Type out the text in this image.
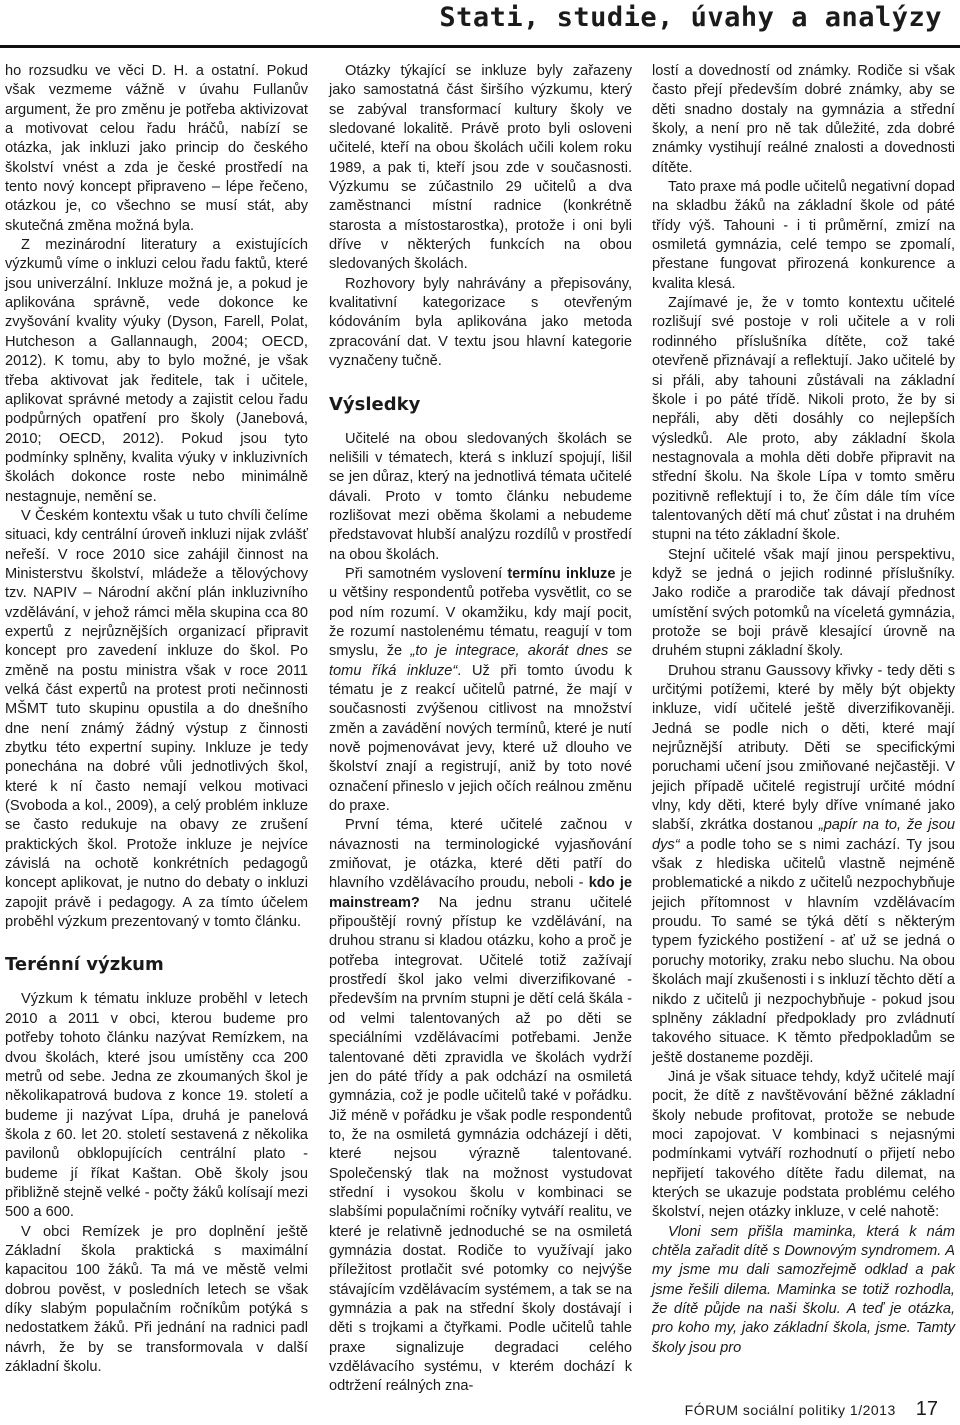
Stati, studie, úvahy a analýzy

ho rozsudku ve věci D. H. a ostatní. Pokud však vezmeme vážně v úvahu Fullanův argument, že pro změnu je potřeba aktivizovat a motivovat celou řadu hráčů, nabízí se otázka, jak inkluzi jako princip do českého školství vnést a zda je české prostředí na tento nový koncept připraveno – lépe řečeno, otázkou je, co všechno se musí stát, aby skutečná změna možná byla.

Z mezinárodní literatury a existujících výzkumů víme o inkluzi celou řadu faktů, které jsou univerzální. Inkluze možná je, a pokud je aplikována správně, vede dokonce ke zvyšování kvality výuky (Dyson, Farell, Polat, Hutcheson a Gallannaugh, 2004; OECD, 2012). K tomu, aby to bylo možné, je však třeba aktivovat jak ředitele, tak i učitele, aplikovat správné metody a zajistit celou řadu podpůrných opatření pro školy (Janebová, 2010; OECD, 2012). Pokud jsou tyto podmínky splněny, kvalita výuky v inkluzivních školách dokonce roste nebo minimálně nestagnuje, nemění se.

V Českém kontextu však u tuto chvíli čelíme situaci, kdy centrální úroveň inkluzi nijak zvlášť neřeší. V roce 2010 sice zahájil činnost na Ministerstvu školství, mládeže a tělovýchovy tzv. NAPIV – Národní akční plán inkluzivního vzdělávání, v jehož rámci měla skupina cca 80 expertů z nejrůznějších organizací připravit koncept pro zavedení inkluze do škol. Po změně na postu ministra však v roce 2011 velká část expertů na protest proti nečinnosti MŠMT tuto skupinu opustila a do dnešního dne není známý žádný výstup z činnosti zbytku této expertní supiny. Inkluze je tedy ponechána na dobré vůli jednotlivých škol, které k ní často nemají velkou motivaci (Svoboda a kol., 2009), a celý problém inkluze se často redukuje na obavy ze zrušení praktických škol. Protože inkluze je nejvíce závislá na ochotě konkrétních pedagogů koncept aplikovat, je nutno do debaty o inkluzi zapojit právě i pedagogy. A za tímto účelem proběhl výzkum prezentovaný v tomto článku.

Terénní výzkum

Výzkum k tématu inkluze proběhl v letech 2010 a 2011 v obci, kterou budeme pro potřeby tohoto článku nazývat Remízkem, na dvou školách, které jsou umístěny cca 200 metrů od sebe. Jedna ze zkoumaných škol je několikapatrová budova z konce 19. století a budeme ji nazývat Lípa, druhá je panelová škola z 60. let 20. století sestavená z několika pavilonů obklopujících centrální plato - budeme jí říkat Kaštan. Obě školy jsou přibližně stejně velké - počty žáků kolísají mezi 500 a 600.

V obci Remízek je pro doplnění ještě Základní škola praktická s maximální kapacitou 100 žáků. Ta má ve městě velmi dobrou pověst, v posledních letech se však díky slabým populačním ročníkům potýká s nedostatkem žáků. Při jednání na radnici padl návrh, že by se transformovala v další základní školu.

Otázky týkající se inkluze byly zařazeny jako samostatná část širšího výzkumu, který se zabýval transformací kultury školy ve sledované lokalitě. Právě proto byli osloveni učitelé, kteří na obou školách učili kolem roku 1989, a pak ti, kteří jsou zde v současnosti. Výzkumu se zúčastnilo 29 učitelů a dva zaměstnanci místní radnice (konkrétně starosta a místostarostka), protože i oni byli dříve v některých funkcích na obou sledovaných školách.

Rozhovory byly nahrávány a přepisovány, kvalitativní kategorizace s otevřeným kódováním byla aplikována jako metoda zpracování dat. V textu jsou hlavní kategorie vyznačeny tučně.

Výsledky

Učitelé na obou sledovaných školách se nelišili v tématech, která s inkluzí spojují, lišil se jen důraz, který na jednotlivá témata učitelé dávali. Proto v tomto článku nebudeme rozlišovat mezi oběma školami a nebudeme představovat hlubší analýzu rozdílů v prostředí na obou školách.

Při samotném vyslovení termínu inkluze je u většiny respondentů potřeba vysvětlit, co se pod ním rozumí. V okamžiku, kdy mají pocit, že rozumí nastolenému tématu, reagují v tom smyslu, že „to je integrace, akorát dnes se tomu říká inkluze“. Už při tomto úvodu k tématu je z reakcí učitelů patrné, že mají v současnosti zvýšenou citlivost na množství změn a zavádění nových termínů, které je nutí nově pojmenovávat jevy, které už dlouho ve školství znají a registrují, aniž by toto nové označení přineslo v jejich očích reálnou změnu do praxe.

První téma, které učitelé začnou v návaznosti na terminologické vyjasňování zmiňovat, je otázka, které děti patří do hlavního vzdělávacího proudu, neboli - kdo je mainstream? Na jednu stranu učitelé připouštějí rovný přístup ke vzdělávání, na druhou stranu si kladou otázku, koho a proč je potřeba integrovat. Učitelé totiž zažívají prostředí škol jako velmi diverzifikované - především na prvním stupni je dětí celá škála - od velmi talentovaných až po děti se speciálními vzdělávacími potřebami. Jenže talentované děti zpravidla ve školách vydrží jen do páté třídy a pak odchází na osmiletá gymnázia, což je podle učitelů také v pořádku. Již méně v pořádku je však podle respondentů to, že na osmiletá gymnázia odcházejí i děti, které nejsou výrazně talentované. Společenský tlak na možnost vystudovat střední i vysokou školu v kombinaci se slabšími populačními ročníky vytváří realitu, ve které je relativně jednoduché se na osmiletá gymnázia dostat. Rodiče to využívají jako příležitost protlačit své potomky co nejvýše stávajícím vzdělávacím systémem, a tak se na gymnázia a pak na střední školy dostávají i děti s trojkami a čtyřkami. Podle učitelů tahle praxe signalizuje degradaci celého vzdělávacího systému, v kterém dochází k odtržení reálných zna-

lostí a dovedností od známky. Rodiče si však často přejí především dobré známky, aby se děti snadno dostaly na gymnázia a střední školy, a není pro ně tak důležité, zda dobré známky vystihují reálné znalosti a dovednosti dítěte.

Tato praxe má podle učitelů negativní dopad na skladbu žáků na základní škole od páté třídy výš. Tahouni - i ti průměrní, zmizí na osmiletá gymnázia, celé tempo se zpomalí, přestane fungovat přirozená konkurence a kvalita klesá.

Zajímavé je, že v tomto kontextu učitelé rozlišují své postoje v roli učitele a v roli rodinného příslušníka dítěte, což také otevřeně přiznávají a reflektují. Jako učitelé by si přáli, aby tahouni zůstávali na základní škole i po páté třídě. Nikoli proto, že by si nepřáli, aby děti dosáhly co nejlepších výsledků. Ale proto, aby základní škola nestagnovala a mohla děti dobře připravit na střední školu. Na škole Lípa v tomto směru pozitivně reflektují i to, že čím dále tím více talentovaných dětí má chuť zůstat i na druhém stupni na této základní škole.

Stejní učitelé však mají jinou perspektivu, když se jedná o jejich rodinné příslušníky. Jako rodiče a prarodiče tak dávají přednost umístění svých potomků na víceletá gymnázia, protože se boji právě klesající úrovně na druhém stupni základní školy.

Druhou stranu Gaussovy křivky - tedy děti s určitými potížemi, které by měly být objekty inkluze, vidí učitelé ještě diverzifikovaněji. Jedná se podle nich o děti, které mají nejrůznější atributy. Děti se specifickými poruchami učení jsou zmiňované nejčastěji. V jejich případě učitelé registrují určité módní vlny, kdy děti, které byly dříve vnímané jako slabší, zkrátka dostanou „papír na to, že jsou dys“ a podle toho se s nimi zachází. Ty jsou však z hlediska učitelů vlastně nejméně problematické a nikdo z učitelů nezpochybňuje jejich přítomnost v hlavním vzdělávacím proudu. To samé se týká dětí s některým typem fyzického postižení - ať už se jedná o poruchy motoriky, zraku nebo sluchu. Na obou školách mají zkušenosti i s inkluzí těchto dětí a nikdo z učitelů ji nezpochybňuje - pokud jsou splněny základní předpoklady pro zvládnutí takového situace. K těmto předpokladům se ještě dostaneme později.

Jiná je však situace tehdy, když učitelé mají pocit, že dítě z navštěvování běžné základní školy nebude profitovat, protože se nebude moci zapojovat. V kombinaci s nejasnými podmínkami vytváří rozhodnutí o přijetí nebo nepřijetí takového dítěte řadu dilemat, na kterých se ukazuje podstata problému celého školství, nejen otázky inkluze, v celé nahotě:

Vloni sem přišla maminka, která k nám chtěla zařadit dítě s Downovým syndromem. A my jsme mu dali samozřejmě odklad a pak jsme řešili dilema. Maminka se totiž rozhodla, že dítě půjde na naši školu. A teď je otázka, pro koho my, jako základní škola, jsme. Tamty školy jsou pro

FÓRUM sociální politiky 1/2013 17
